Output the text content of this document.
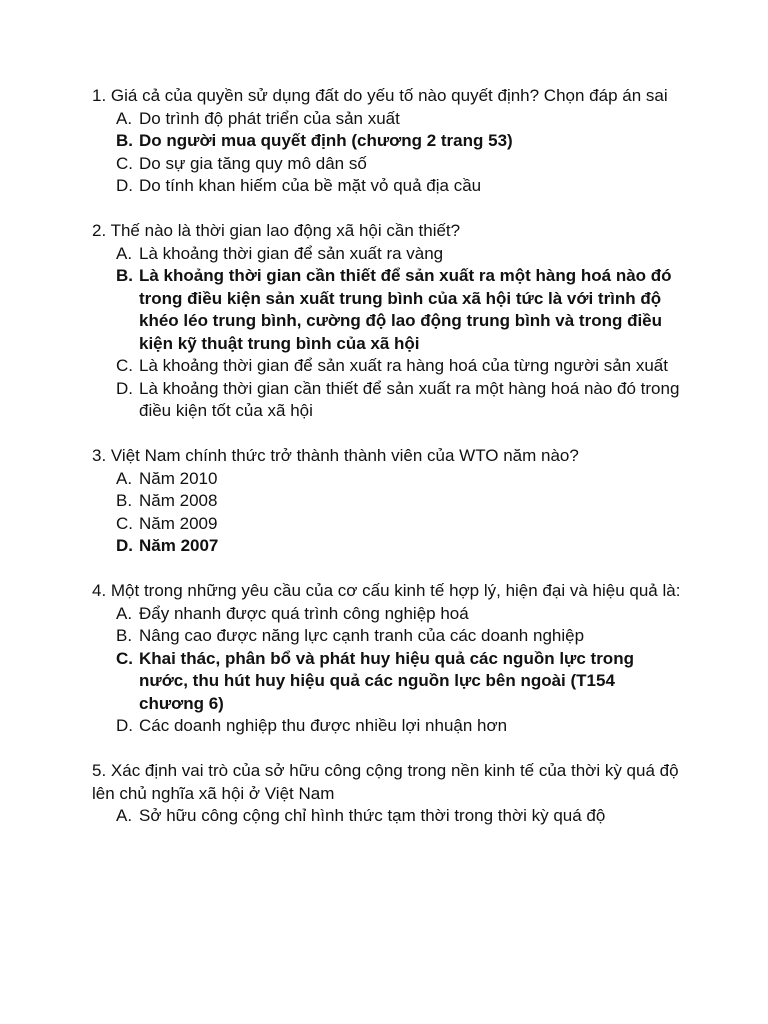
1. Giá cả của quyền sử dụng đất do yếu tố nào quyết định? Chọn đáp án sai

A. Do trình độ phát triển của sản xuất
B. Do người mua quyết định (chương 2 trang 53)
C. Do sự gia tăng quy mô dân số
D. Do tính khan hiếm của bề mặt vỏ quả địa cầu

2. Thế nào là thời gian lao động xã hội cần thiết?

A. Là khoảng thời gian để sản xuất ra vàng
B. Là khoảng thời gian cần thiết để sản xuất ra một hàng hoá nào đó trong điều kiện sản xuất trung bình của xã hội tức là với trình độ khéo léo trung bình, cường độ lao động trung bình và trong điều kiện kỹ thuật trung bình của xã hội
C. Là khoảng thời gian để sản xuất ra hàng hoá của từng người sản xuất
D. Là khoảng thời gian cần thiết để sản xuất ra một hàng hoá nào đó trong điều kiện tốt của xã hội

3. Việt Nam chính thức trở thành thành viên của WTO năm nào?

A. Năm 2010
B. Năm 2008
C. Năm 2009
D. Năm 2007

4. Một trong những yêu cầu của cơ cấu kinh tế hợp lý, hiện đại và hiệu quả là:

A. Đẩy nhanh được quá trình công nghiệp hoá
B. Nâng cao được năng lực cạnh tranh của các doanh nghiệp
C. Khai thác, phân bổ và phát huy hiệu quả các nguồn lực trong nước, thu hút huy hiệu quả các nguồn lực bên ngoài (T154 chương 6)
D. Các doanh nghiệp thu được nhiều lợi nhuận hơn

5. Xác định vai trò của sở hữu công cộng trong nền kinh tế của thời kỳ quá độ lên chủ nghĩa xã hội ở Việt Nam

A. Sở hữu công cộng chỉ hình thức tạm thời trong thời kỳ quá độ
